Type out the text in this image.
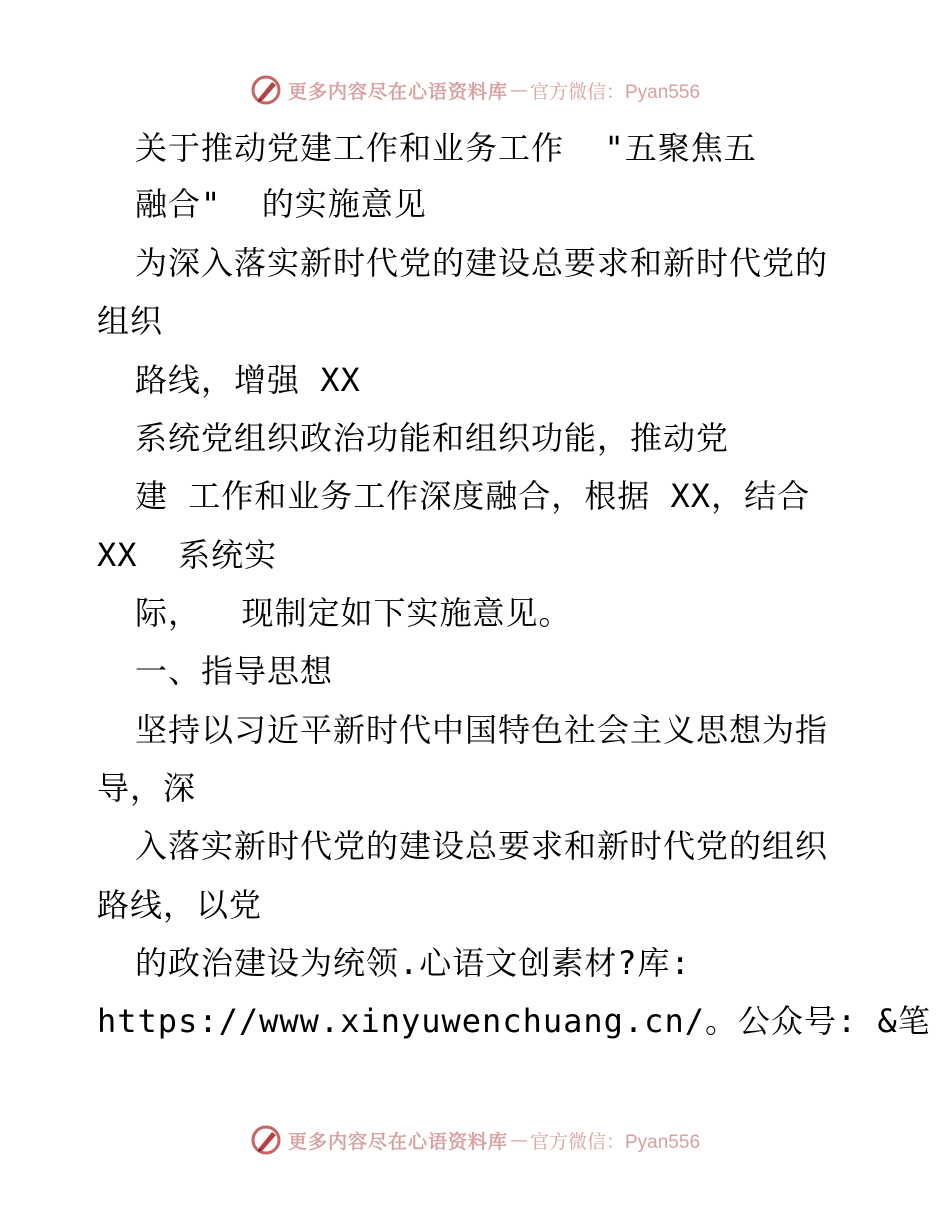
更多内容尽在心语资料库 — 官方微信：Pyan556
关于推动党建工作和业务工作  "五聚焦五
融合"  的实施意见
为深入落实新时代党的建设总要求和新时代党的
组织
路线，增强 XX
系统党组织政治功能和组织功能，推动党
建 工作和业务工作深度融合，根据 XX，结合
XX  系统实
际，  现制定如下实施意见。
一、指导思想
坚持以习近平新时代中国特色社会主义思想为指
导，深
入落实新时代党的建设总要求和新时代党的组织
路线，以党
的政治建设为统领.心语文创素材?库:
https://www.xinyuwenchuang.cn/。公众号: &笔
更多内容尽在心语资料库 — 官方微信：Pyan556
